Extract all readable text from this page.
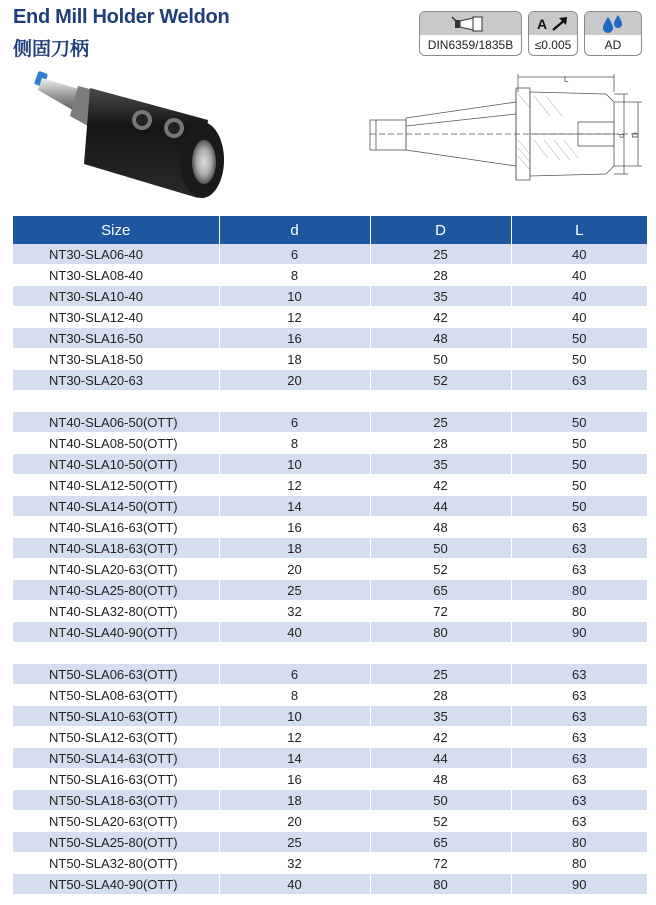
End Mill Holder Weldon
侧固刀柄	DIN6359/1835B
A
≤0.005	AD
L
d D
Size	d	D	L
NT30-SLA06-40	6	25	40
NT30-SLA08-40	8	28	40
NT30-SLA10-40	10	35	40
NT30-SLA12-40	12	42	40
NT30-SLA16-50	16	48	50
NT30-SLA18-50	18	50	50
NT30-SLA20-63	20	52	63

NT40-SLA06-50(OTT)	6	25	50
NT40-SLA08-50(OTT)	8	28	50
NT40-SLA10-50(OTT)	10	35	50
NT40-SLA12-50(OTT)	12	42	50
NT40-SLA14-50(OTT)	14	44	50
NT40-SLA16-63(OTT)	16	48	63
NT40-SLA18-63(OTT)	18	50	63
NT40-SLA20-63(OTT)	20	52	63
NT40-SLA25-80(OTT)	25	65	80
NT40-SLA32-80(OTT)	32	72	80
NT40-SLA40-90(OTT)	40	80	90

NT50-SLA06-63(OTT)	6	25	63
NT50-SLA08-63(OTT)	8	28	63
NT50-SLA10-63(OTT)	10	35	63
NT50-SLA12-63(OTT)	12	42	63
NT50-SLA14-63(OTT)	14	44	63
NT50-SLA16-63(OTT)	16	48	63
NT50-SLA18-63(OTT)	18	50	63
NT50-SLA20-63(OTT)	20	52	63
NT50-SLA25-80(OTT)	25	65	80
NT50-SLA32-80(OTT)	32	72	80
NT50-SLA40-90(OTT)	40	80	90
